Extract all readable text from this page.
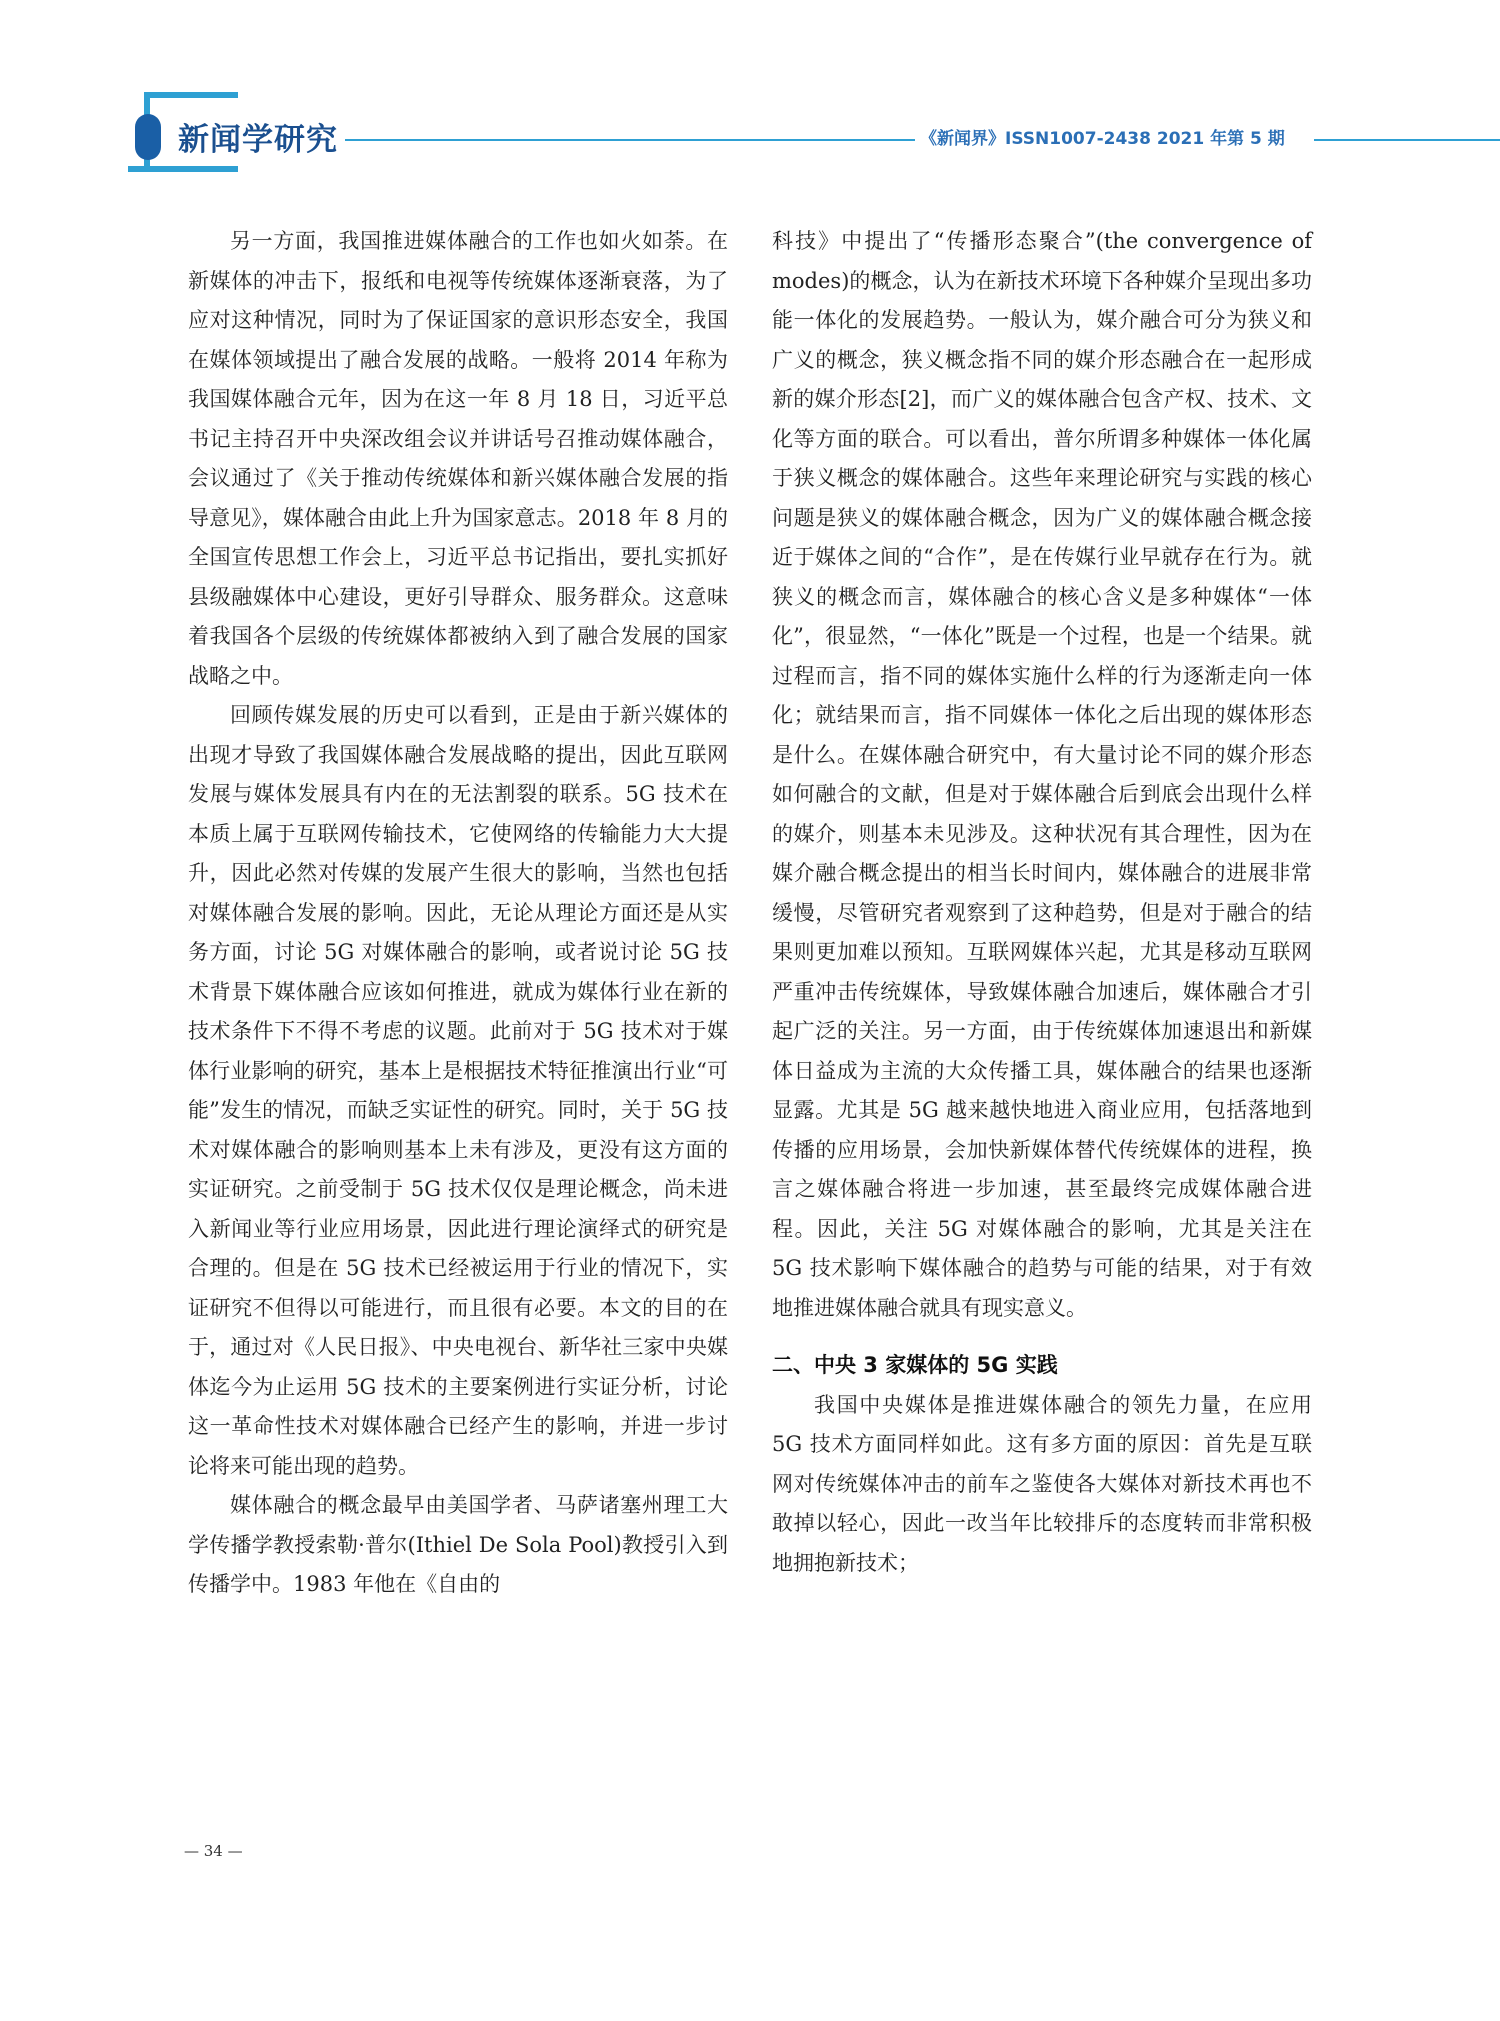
新闻学研究	《新闻界》ISSN1007-2438 2021 年第 5 期

另一方面，我国推进媒体融合的工作也如火如荼。在新媒体的冲击下，报纸和电视等传统媒体逐渐衰落，为了应对这种情况，同时为了保证国家的意识形态安全，我国在媒体领域提出了融合发展的战略。一般将 2014 年称为我国媒体融合元年，因为在这一年 8 月 18 日，习近平总书记主持召开中央深改组会议并讲话号召推动媒体融合，会议通过了《关于推动传统媒体和新兴媒体融合发展的指导意见》，媒体融合由此上升为国家意志。2018 年 8 月的全国宣传思想工作会上，习近平总书记指出，要扎实抓好县级融媒体中心建设，更好引导群众、服务群众。这意味着我国各个层级的传统媒体都被纳入到了融合发展的国家战略之中。

回顾传媒发展的历史可以看到，正是由于新兴媒体的出现才导致了我国媒体融合发展战略的提出，因此互联网发展与媒体发展具有内在的无法割裂的联系。5G 技术在本质上属于互联网传输技术，它使网络的传输能力大大提升，因此必然对传媒的发展产生很大的影响，当然也包括对媒体融合发展的影响。因此，无论从理论方面还是从实务方面，讨论 5G 对媒体融合的影响，或者说讨论 5G 技术背景下媒体融合应该如何推进，就成为媒体行业在新的技术条件下不得不考虑的议题。此前对于 5G 技术对于媒体行业影响的研究，基本上是根据技术特征推演出行业“可能”发生的情况，而缺乏实证性的研究。同时，关于 5G 技术对媒体融合的影响则基本上未有涉及，更没有这方面的实证研究。之前受制于 5G 技术仅仅是理论概念，尚未进入新闻业等行业应用场景，因此进行理论演绎式的研究是合理的。但是在 5G 技术已经被运用于行业的情况下，实证研究不但得以可能进行，而且很有必要。本文的目的在于，通过对《人民日报》、中央电视台、新华社三家中央媒体迄今为止运用 5G 技术的主要案例进行实证分析，讨论这一革命性技术对媒体融合已经产生的影响，并进一步讨论将来可能出现的趋势。

媒体融合的概念最早由美国学者、马萨诸塞州理工大学传播学教授索勒·普尔(Ithiel De Sola Pool)教授引入到传播学中。1983 年他在《自由的

科技》中提出了“传播形态聚合”(the convergence of modes)的概念，认为在新技术环境下各种媒介呈现出多功能一体化的发展趋势。一般认为，媒介融合可分为狭义和广义的概念，狭义概念指不同的媒介形态融合在一起形成新的媒介形态[2]，而广义的媒体融合包含产权、技术、文化等方面的联合。可以看出，普尔所谓多种媒体一体化属于狭义概念的媒体融合。这些年来理论研究与实践的核心问题是狭义的媒体融合概念，因为广义的媒体融合概念接近于媒体之间的“合作”，是在传媒行业早就存在行为。就狭义的概念而言，媒体融合的核心含义是多种媒体“一体化”，很显然，“一体化”既是一个过程，也是一个结果。就过程而言，指不同的媒体实施什么样的行为逐渐走向一体化；就结果而言，指不同媒体一体化之后出现的媒体形态是什么。在媒体融合研究中，有大量讨论不同的媒介形态如何融合的文献，但是对于媒体融合后到底会出现什么样的媒介，则基本未见涉及。这种状况有其合理性，因为在媒介融合概念提出的相当长时间内，媒体融合的进展非常缓慢，尽管研究者观察到了这种趋势，但是对于融合的结果则更加难以预知。互联网媒体兴起，尤其是移动互联网严重冲击传统媒体，导致媒体融合加速后，媒体融合才引起广泛的关注。另一方面，由于传统媒体加速退出和新媒体日益成为主流的大众传播工具，媒体融合的结果也逐渐显露。尤其是 5G 越来越快地进入商业应用，包括落地到传播的应用场景，会加快新媒体替代传统媒体的进程，换言之媒体融合将进一步加速，甚至最终完成媒体融合进程。因此，关注 5G 对媒体融合的影响，尤其是关注在 5G 技术影响下媒体融合的趋势与可能的结果，对于有效地推进媒体融合就具有现实意义。

二、中央 3 家媒体的 5G 实践

我国中央媒体是推进媒体融合的领先力量，在应用 5G 技术方面同样如此。这有多方面的原因：首先是互联网对传统媒体冲击的前车之鉴使各大媒体对新技术再也不敢掉以轻心，因此一改当年比较排斥的态度转而非常积极地拥抱新技术；

— 34 —
